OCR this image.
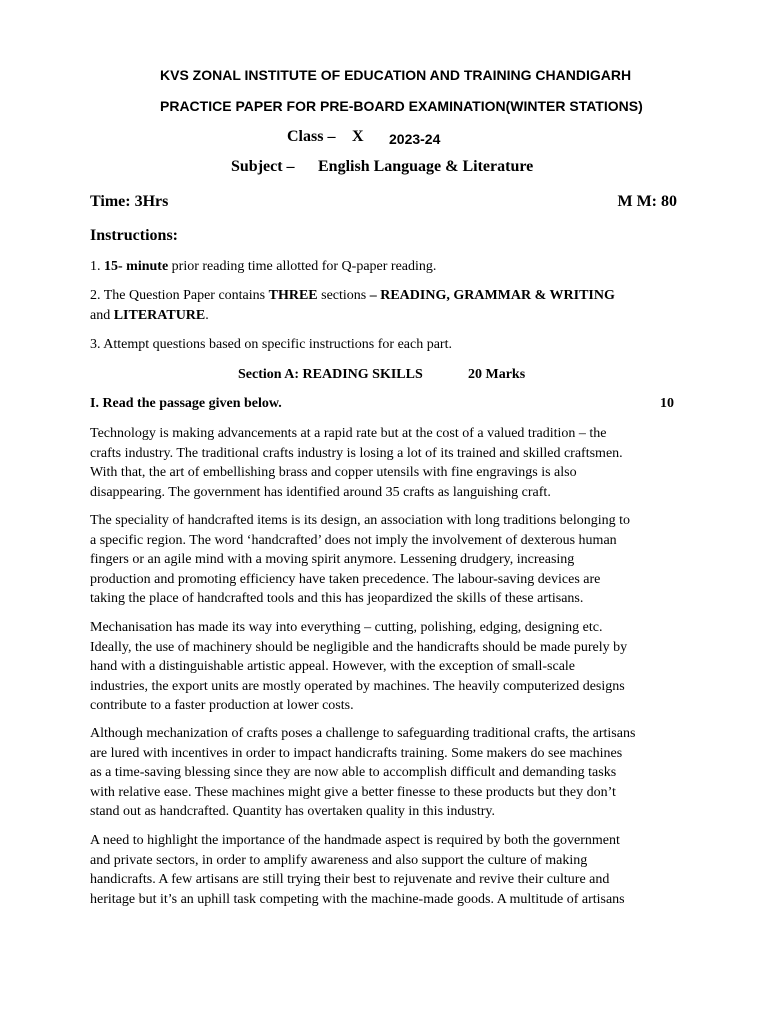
KVS ZONAL INSTITUTE OF EDUCATION AND TRAINING CHANDIGARH
PRACTICE PAPER FOR PRE-BOARD EXAMINATION(WINTER STATIONS)
Class – X 2023-24
Subject – English Language & Literature
Time: 3Hrs	M M: 80
Instructions:
1. 15- minute prior reading time allotted for Q-paper reading.
2. The Question Paper contains THREE sections – READING, GRAMMAR & WRITING
and LITERATURE.
3. Attempt questions based on specific instructions for each part.
Section A: READING SKILLS	20 Marks
I. Read the passage given below.	10
Technology is making advancements at a rapid rate but at the cost of a valued tradition – the
crafts industry. The traditional crafts industry is losing a lot of its trained and skilled craftsmen.
With that, the art of embellishing brass and copper utensils with fine engravings is also
disappearing. The government has identified around 35 crafts as languishing craft.
The speciality of handcrafted items is its design, an association with long traditions belonging to
a specific region. The word ‘handcrafted’ does not imply the involvement of dexterous human
fingers or an agile mind with a moving spirit anymore. Lessening drudgery, increasing
production and promoting efficiency have taken precedence. The labour-saving devices are
taking the place of handcrafted tools and this has jeopardized the skills of these artisans.
Mechanisation has made its way into everything – cutting, polishing, edging, designing etc.
Ideally, the use of machinery should be negligible and the handicrafts should be made purely by
hand with a distinguishable artistic appeal. However, with the exception of small-scale
industries, the export units are mostly operated by machines. The heavily computerized designs
contribute to a faster production at lower costs.
Although mechanization of crafts poses a challenge to safeguarding traditional crafts, the artisans
are lured with incentives in order to impact handicrafts training. Some makers do see machines
as a time-saving blessing since they are now able to accomplish difficult and demanding tasks
with relative ease. These machines might give a better finesse to these products but they don’t
stand out as handcrafted. Quantity has overtaken quality in this industry.
A need to highlight the importance of the handmade aspect is required by both the government
and private sectors, in order to amplify awareness and also support the culture of making
handicrafts. A few artisans are still trying their best to rejuvenate and revive their culture and
heritage but it’s an uphill task competing with the machine-made goods. A multitude of artisans
